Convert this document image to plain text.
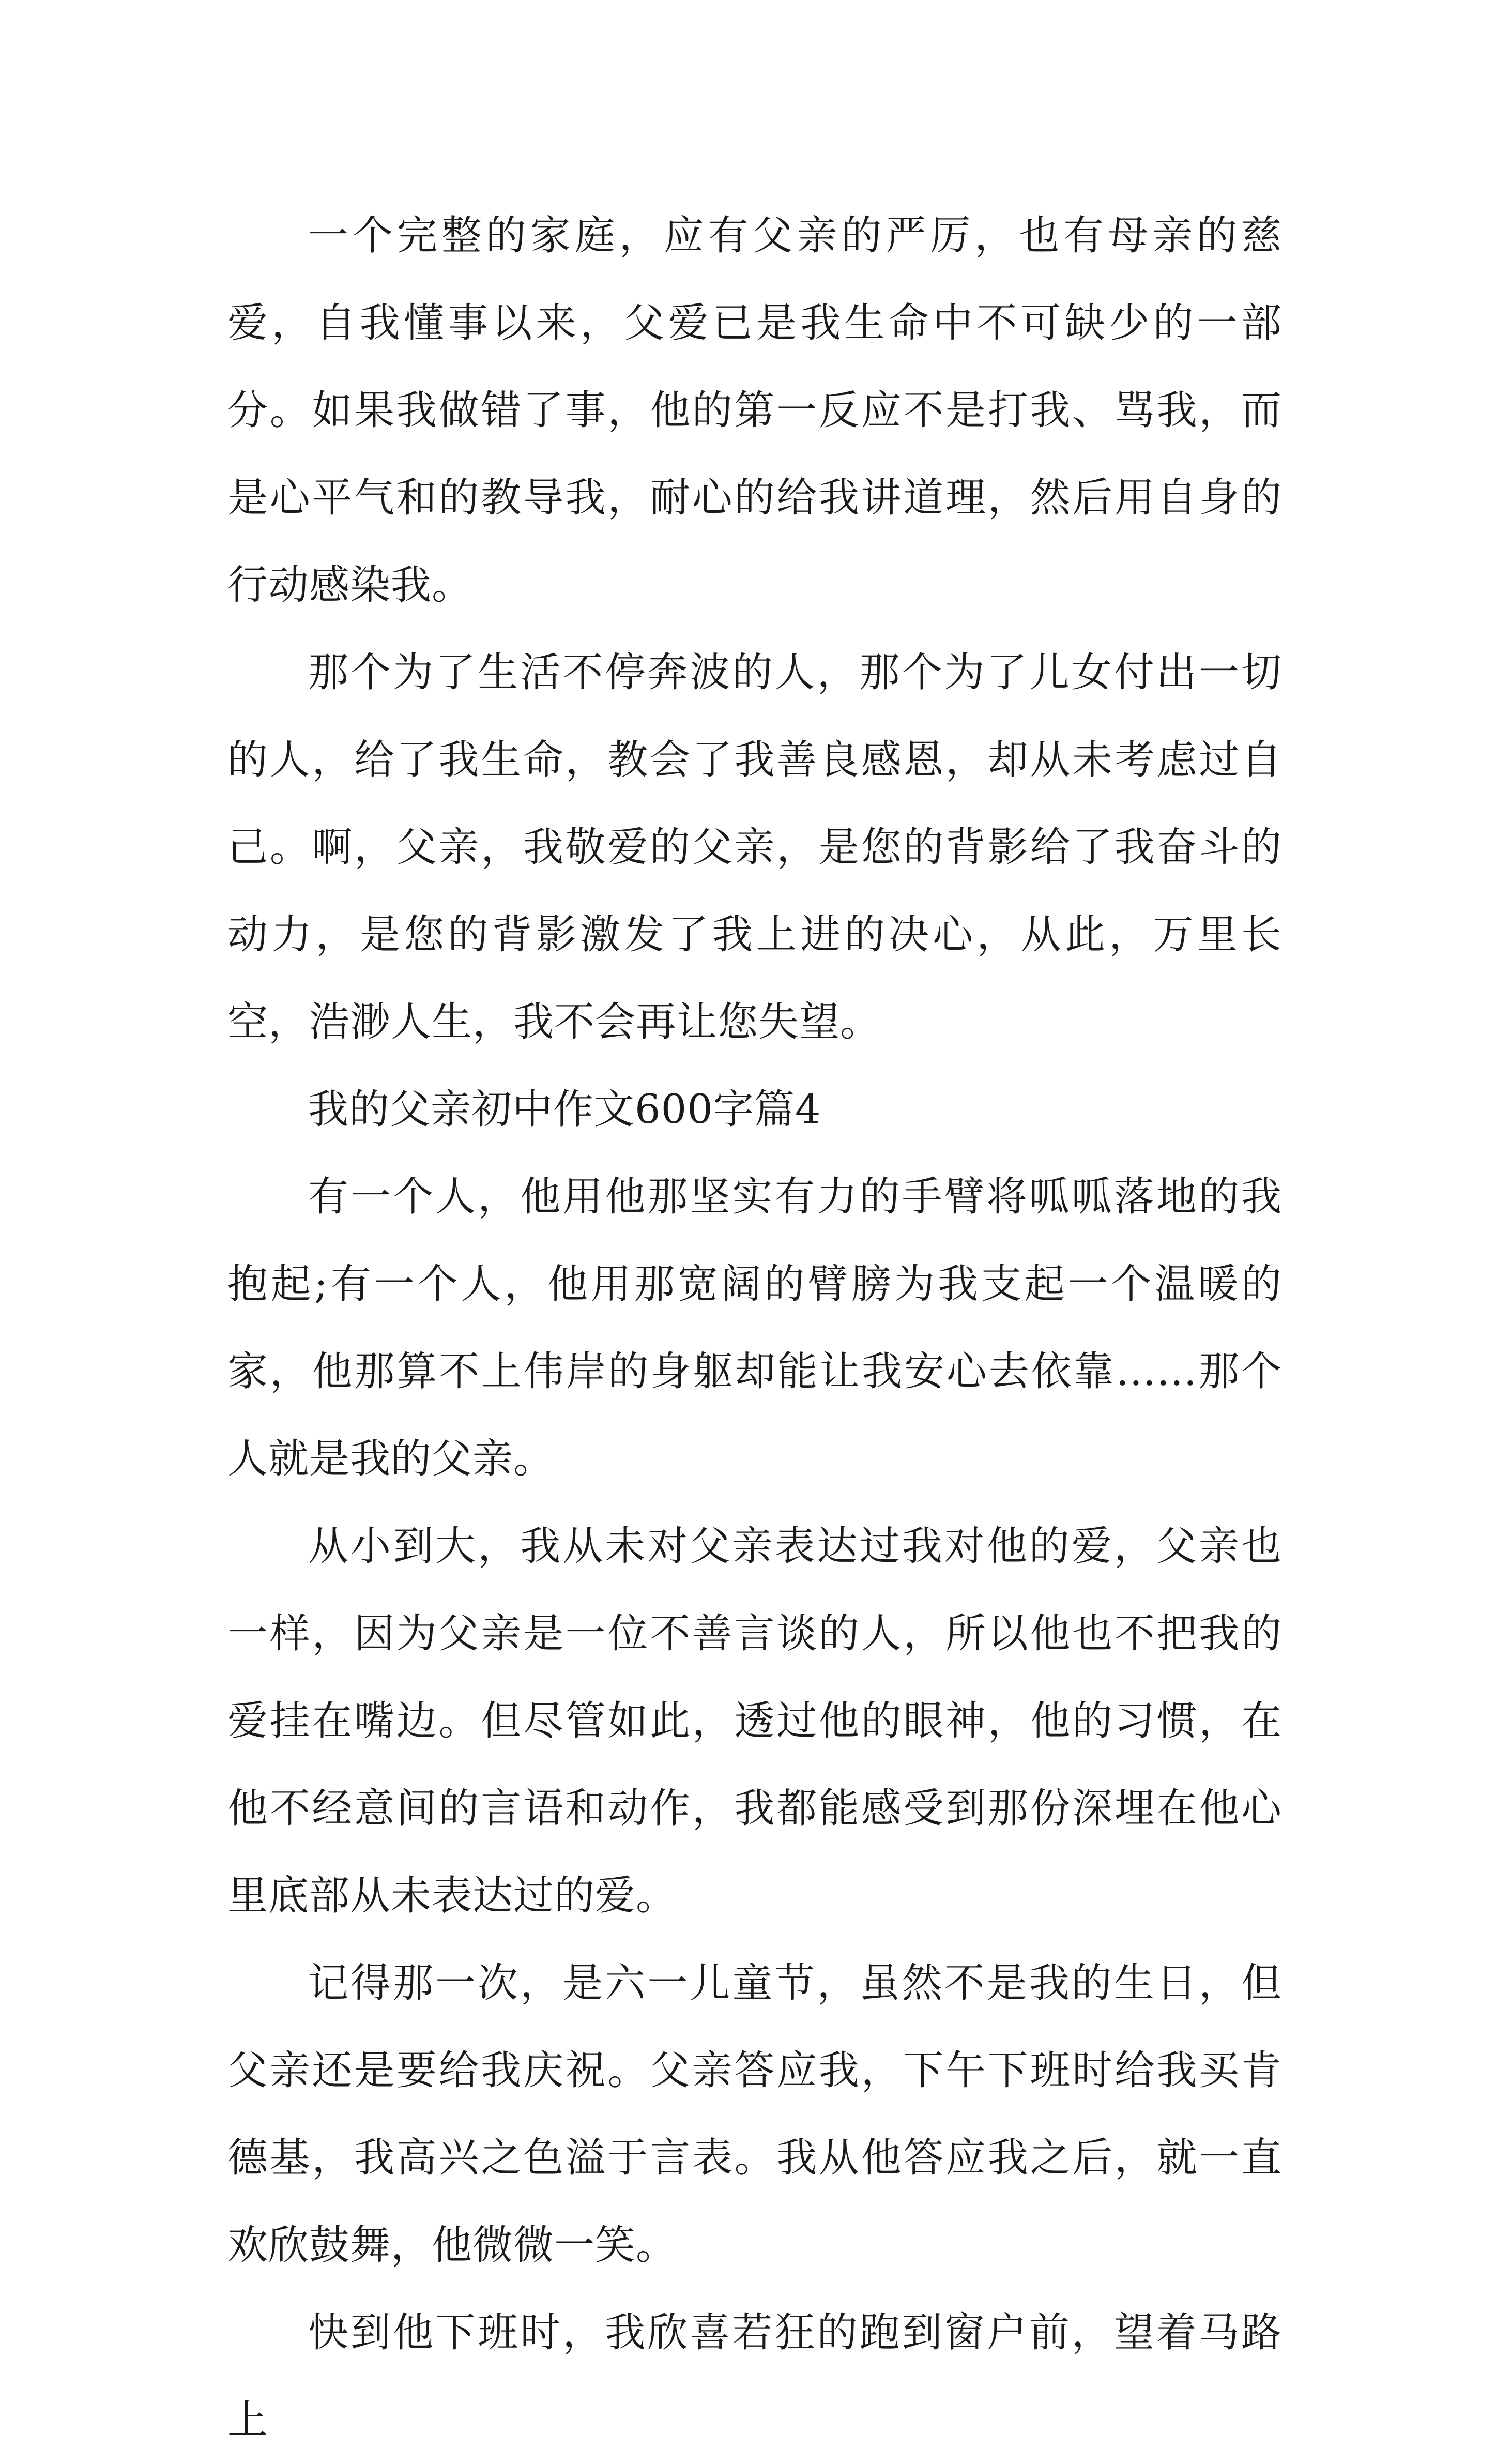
一个完整的家庭，应有父亲的严厉，也有母亲的慈爱，自我懂事以来，父爱已是我生命中不可缺少的一部分。如果我做错了事，他的第一反应不是打我、骂我，而是心平气和的教导我，耐心的给我讲道理，然后用自身的行动感染我。

那个为了生活不停奔波的人，那个为了儿女付出一切的人，给了我生命，教会了我善良感恩，却从未考虑过自己。啊，父亲，我敬爱的父亲，是您的背影给了我奋斗的动力，是您的背影激发了我上进的决心，从此，万里长空，浩渺人生，我不会再让您失望。

我的父亲初中作文600字篇4

有一个人，他用他那坚实有力的手臂将呱呱落地的我抱起;有一个人，他用那宽阔的臂膀为我支起一个温暖的家，他那算不上伟岸的身躯却能让我安心去依靠……那个人就是我的父亲。

从小到大，我从未对父亲表达过我对他的爱，父亲也一样，因为父亲是一位不善言谈的人，所以他也不把我的爱挂在嘴边。但尽管如此，透过他的眼神，他的习惯，在他不经意间的言语和动作，我都能感受到那份深埋在他心里底部从未表达过的爱。

记得那一次，是六一儿童节，虽然不是我的生日，但父亲还是要给我庆祝。父亲答应我，下午下班时给我买肯德基，我高兴之色溢于言表。我从他答应我之后，就一直欢欣鼓舞，他微微一笑。

快到他下班时，我欣喜若狂的跑到窗户前，望着马路上
